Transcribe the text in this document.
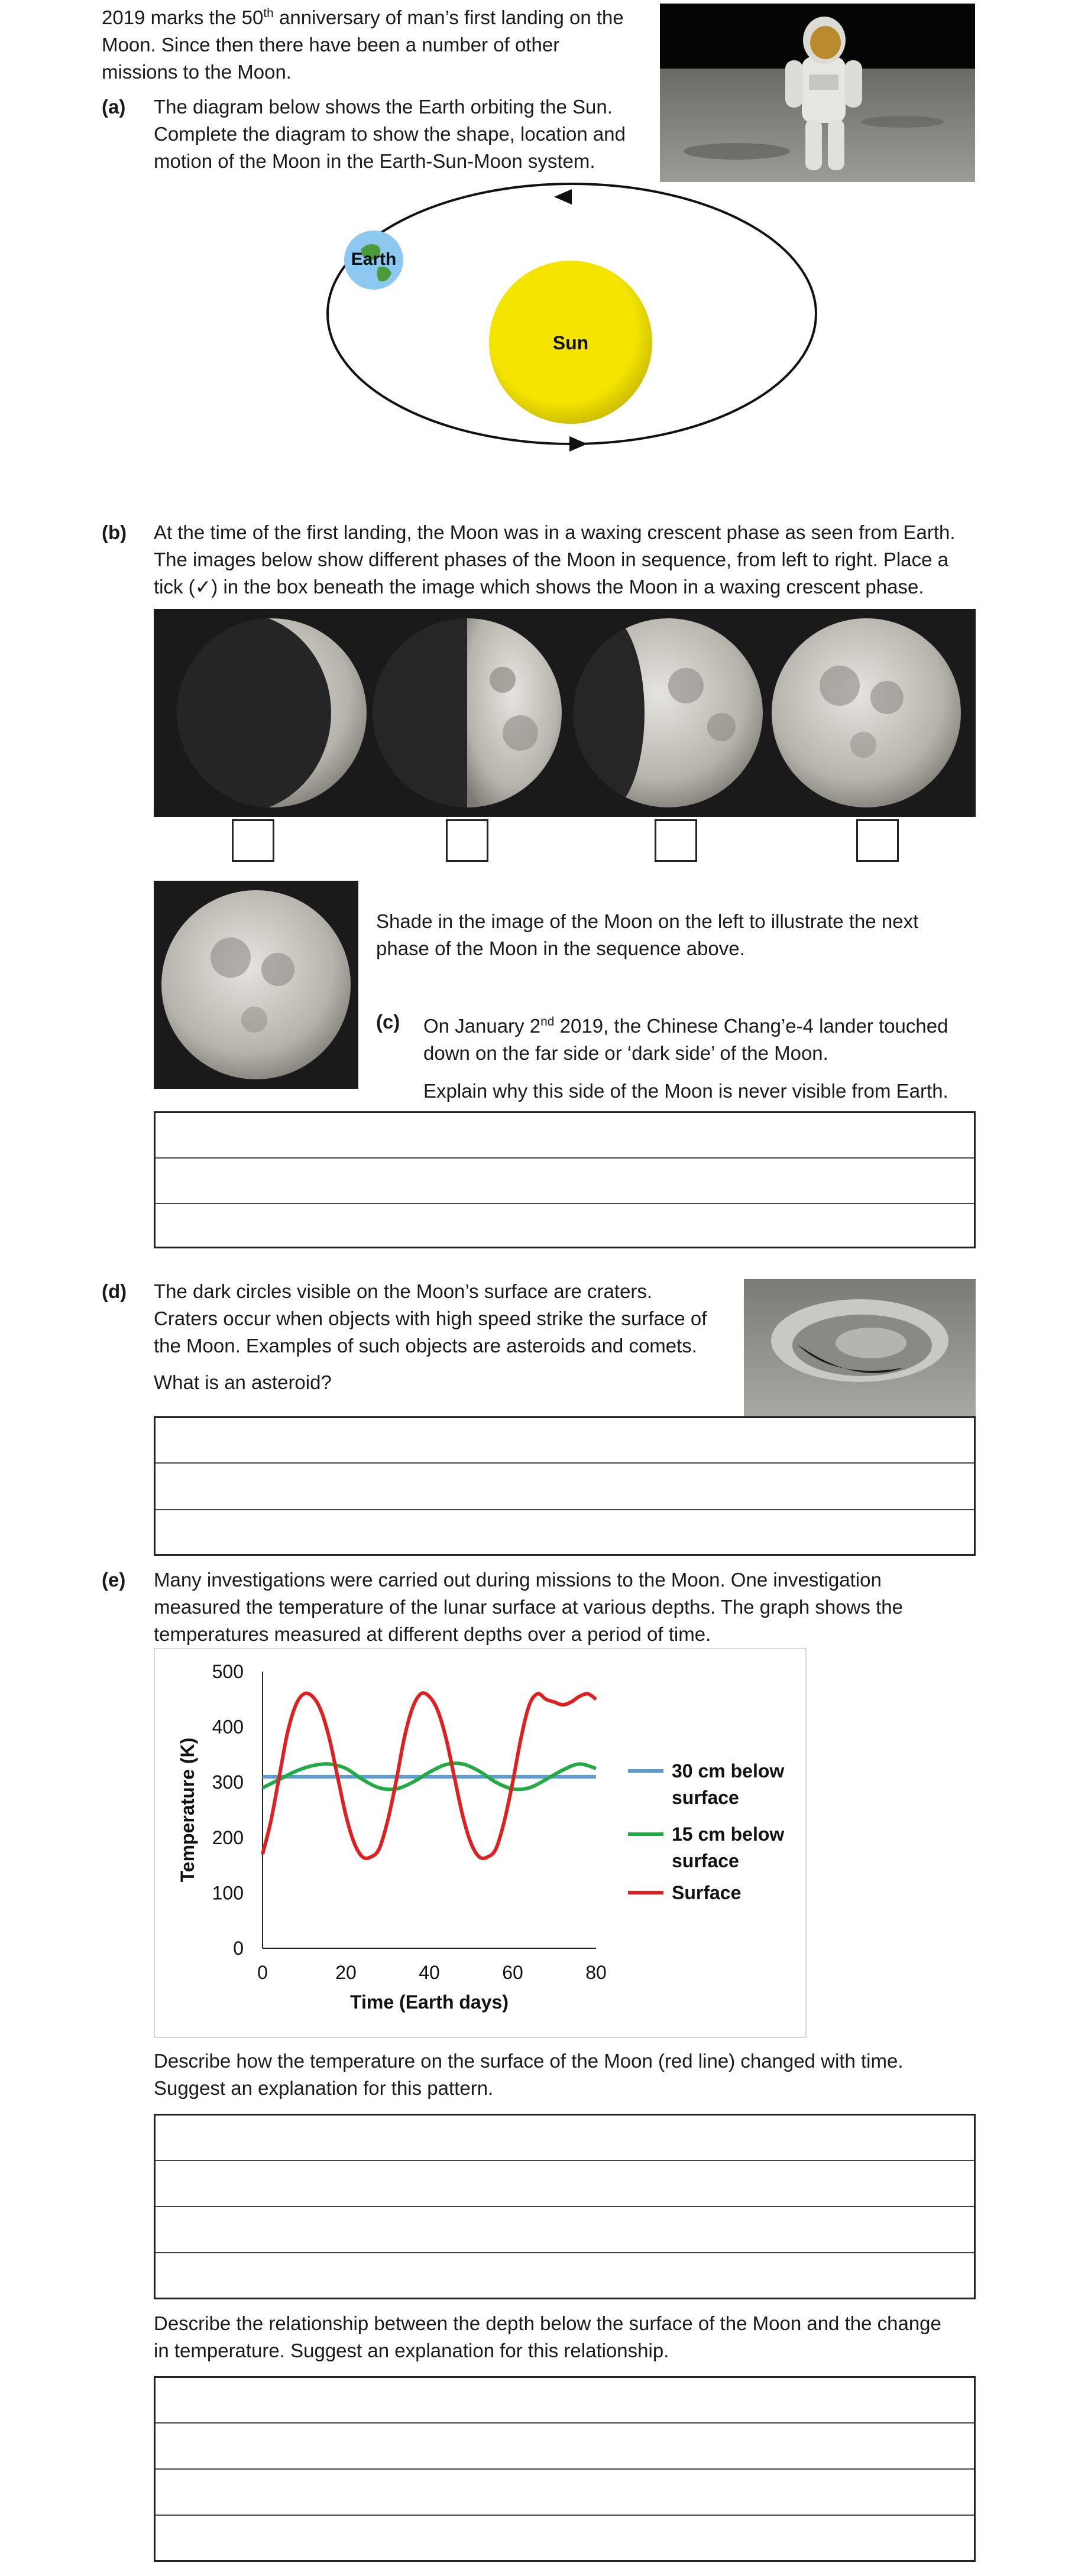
2019 marks the 50th anniversary of man’s first landing on the
Moon. Since then there have been a number of other
missions to the Moon.
(a) The diagram below shows the Earth orbiting the Sun.
Complete the diagram to show the shape, location and
motion of the Moon in the Earth-Sun-Moon system.
Sun
Earth
(b) At the time of the first landing, the Moon was in a waxing crescent phase as seen from Earth.
The images below show different phases of the Moon in sequence, from left to right. Place a
tick (✓) in the box beneath the image which shows the Moon in a waxing crescent phase.
Shade in the image of the Moon on the left to illustrate the next
phase of the Moon in the sequence above.
(c) On January 2nd 2019, the Chinese Chang’e-4 lander touched
down on the far side or ‘dark side’ of the Moon.
Explain why this side of the Moon is never visible from Earth.
(d) The dark circles visible on the Moon’s surface are craters.
Craters occur when objects with high speed strike the surface of
the Moon. Examples of such objects are asteroids and comets.
What is an asteroid?
(e) Many investigations were carried out during missions to the Moon. One investigation
measured the temperature of the lunar surface at various depths. The graph shows the
temperatures measured at different depths over a period of time.
0
100
200
300
400
500
0	20	40	60	80
Time (Earth days)
Temperature (K)	30 cm below
surface
15 cm below
surface
Surface
Describe how the temperature on the surface of the Moon (red line) changed with time.
Suggest an explanation for this pattern.
Describe the relationship between the depth below the surface of the Moon and the change
in temperature. Suggest an explanation for this relationship.
